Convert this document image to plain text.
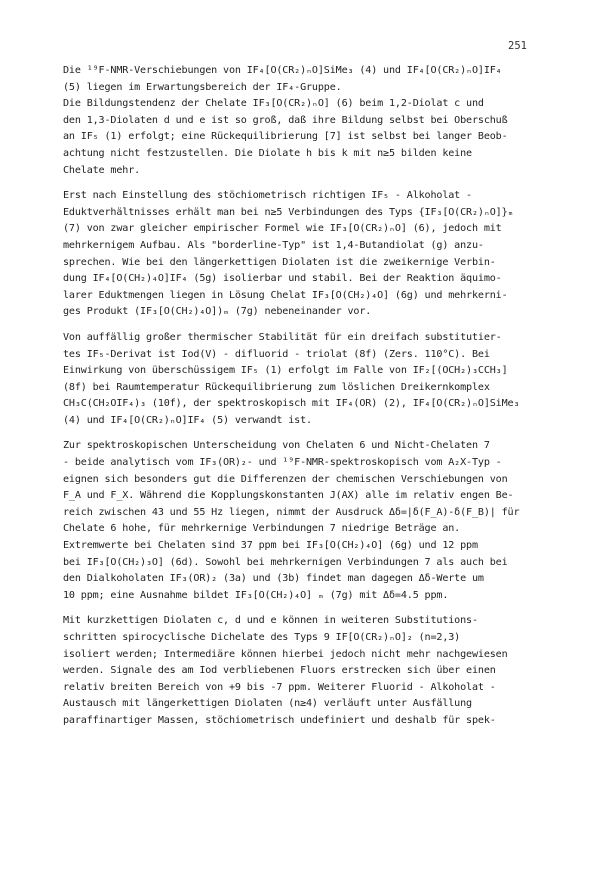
251
Die ¹⁹F-NMR-Verschiebungen von IF₄[O(CR₂)ₙO]SiMe₃ (4) und IF₄[O(CR₂)ₙO]IF₄
(5) liegen im Erwartungsbereich der IF₄-Gruppe.
Die Bildungstendenz der Chelate IF₃[O(CR₂)ₙO] (6) beim 1,2-Diolat c und
den 1,3-Diolaten d und e ist so groß, daß ihre Bildung selbst bei Oberschuß
an IF₅ (1) erfolgt; eine Rückequilibrierung [7] ist selbst bei langer Beob-
achtung nicht festzustellen. Die Diolate h bis k mit n≥5 bilden keine
Chelate mehr.
Erst nach Einstellung des stöchiometrisch richtigen IF₅ - Alkoholat -
Eduktverhältnisses erhält man bei n≥5 Verbindungen des Typs {IF₃[O(CR₂)ₙO]}ₘ
(7) von zwar gleicher empirischer Formel wie IF₃[O(CR₂)ₙO] (6), jedoch mit
mehrkernigem Aufbau. Als "borderline-Typ" ist 1,4-Butandiolat (g) anzu-
sprechen. Wie bei den längerkettigen Diolaten ist die zweikernige Verbin-
dung IF₄[O(CH₂)₄O]IF₄ (5g) isolierbar und stabil. Bei der Reaktion äquimo-
larer Eduktmengen liegen in Lösung Chelat IF₃[O(CH₂)₄O] (6g) und mehrkerni-
ges Produkt (IF₃[O(CH₂)₄O])ₘ (7g) nebeneinander vor.
Von auffällig großer thermischer Stabilität für ein dreifach substitutier-
tes IF₅-Derivat ist Iod(V) - difluorid - triolat (8f) (Zers. 110°C). Bei
Einwirkung von überschüssigem IF₅ (1) erfolgt im Falle von IF₂[(OCH₂)₃CCH₃]
(8f) bei Raumtemperatur Rückequilibrierung zum löslichen Dreikernkomplex
CH₃C(CH₂OIF₄)₃ (10f), der spektroskopisch mit IF₄(OR) (2), IF₄[O(CR₂)ₙO]SiMe₃
(4) und IF₄[O(CR₂)ₙO]IF₄ (5) verwandt ist.
Zur spektroskopischen Unterscheidung von Chelaten 6 und Nicht-Chelaten 7
- beide analytisch vom IF₃(OR)₂- und ¹⁹F-NMR-spektroskopisch vom A₂X-Typ -
eignen sich besonders gut die Differenzen der chemischen Verschiebungen von
F_A und F_X. Während die Kopplungskonstanten J(AX) alle im relativ engen Be-
reich zwischen 43 und 55 Hz liegen, nimmt der Ausdruck Δδ=|δ(F_A)-δ(F_B)| für
Chelate 6 hohe, für mehrkernige Verbindungen 7 niedrige Beträge an.
Extremwerte bei Chelaten sind 37 ppm bei IF₃[O(CH₂)₄O] (6g) und 12 ppm
bei IF₃[O(CH₂)₃O] (6d). Sowohl bei mehrkernigen Verbindungen 7 als auch bei
den Dialkoholaten IF₃(OR)₂ (3a) und (3b) findet man dagegen Δδ-Werte um
10 ppm; eine Ausnahme bildet IF₃[O(CH₂)₄O] ₘ (7g) mit Δδ=4.5 ppm.
Mit kurzkettigen Diolaten c, d und e können in weiteren Substitutions-
schritten spirocyclische Dichelate des Typs 9 IF[O(CR₂)ₙO]₂ (n=2,3)
isoliert werden; Intermediäre können hierbei jedoch nicht mehr nachgewiesen
werden. Signale des am Iod verbliebenen Fluors erstrecken sich über einen
relativ breiten Bereich von +9 bis -7 ppm. Weiterer Fluorid - Alkoholat -
Austausch mit längerkettigen Diolaten (n≥4) verläuft unter Ausfällung
paraffinartiger Massen, stöchiometrisch undefiniert und deshalb für spek-
